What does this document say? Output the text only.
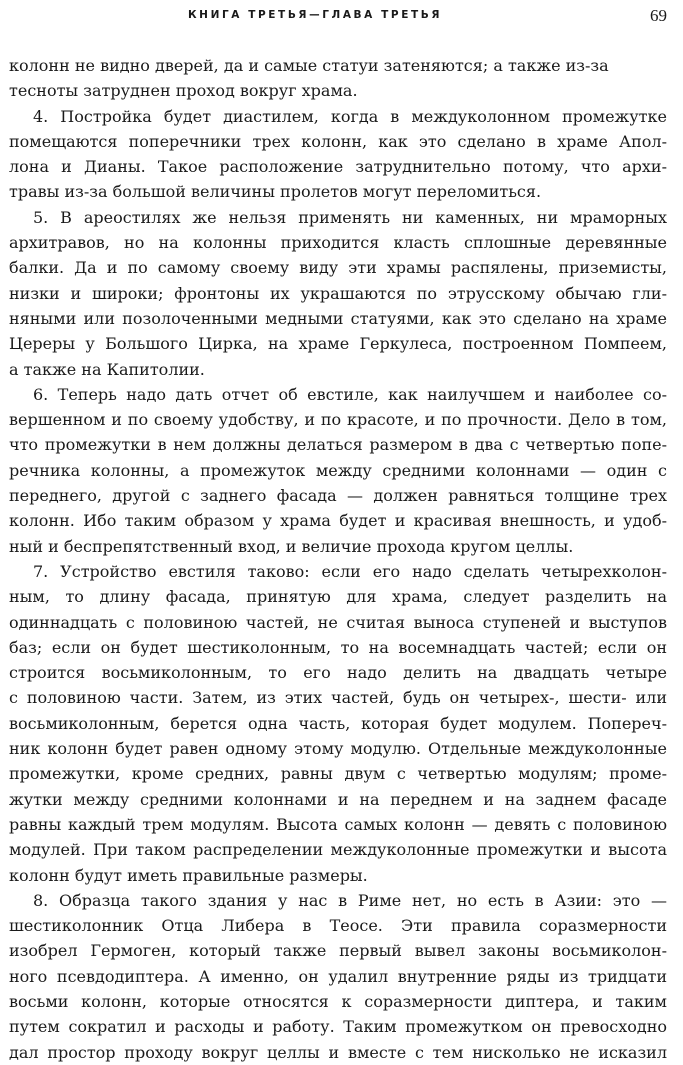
КНИГА ТРЕТЬЯ—ГЛАВА ТРЕТЬЯ	69
колонн не видно дверей, да и самые статуи затеняются; а также из-за
тесноты затруднен проход вокруг храма.
4. Постройка будет диастилем, когда в междуколонном промежутке
помещаются поперечники трех колонн, как это сделано в храме Апол-
лона и Дианы. Такое расположение затруднительно потому, что архи-
травы из-за большой величины пролетов могут переломиться.
5. В ареостилях же нельзя применять ни каменных, ни мраморных
архитравов, но на колонны приходится класть сплошные деревянные
балки. Да и по самому своему виду эти храмы распялены, приземисты,
низки и широки; фронтоны их украшаются по этрусскому обычаю гли-
няными или позолоченными медными статуями, как это сделано на храме
Цереры у Большого Цирка, на храме Геркулеса, построенном Помпеем,
а также на Капитолии.
6. Теперь надо дать отчет об евстиле, как наилучшем и наиболее со-
вершенном и по своему удобству, и по красоте, и по прочности. Дело в том,
что промежутки в нем должны делаться размером в два с четвертью попе-
речника колонны, а промежуток между средними колоннами — один с
переднего, другой с заднего фасада — должен равняться толщине трех
колонн. Ибо таким образом у храма будет и красивая внешность, и удоб-
ный и беспрепятственный вход, и величие прохода кругом целлы.
7. Устройство евстиля таково: если его надо сделать четырехколон-
ным, то длину фасада, принятую для храма, следует разделить на
одиннадцать с половиною частей, не считая выноса ступеней и выступов
баз; если он будет шестиколонным, то на восемнадцать частей; если он
строится восьмиколонным, то его надо делить на двадцать четыре
с половиною части. Затем, из этих частей, будь он четырех-, шести- или
восьмиколонным, берется одна часть, которая будет модулем. Попереч-
ник колонн будет равен одному этому модулю. Отдельные междуколонные
промежутки, кроме средних, равны двум с четвертью модулям; проме-
жутки между средними колоннами и на переднем и на заднем фасаде
равны каждый трем модулям. Высота самых колонн — девять с половиною
модулей. При таком распределении междуколонные промежутки и высота
колонн будут иметь правильные размеры.
8. Образца такого здания у нас в Риме нет, но есть в Азии: это —
шестиколонник Отца Либера в Теосе. Эти правила соразмерности
изобрел Гермоген, который также первый вывел законы восьмиколон-
ного псевдодиптера. А именно, он удалил внутренние ряды из тридцати
восьми колонн, которые относятся к соразмерности диптера, и таким
путем сократил и расходы и работу. Таким промежутком он превосходно
дал простор проходу вокруг целлы и вместе с тем нисколько не исказил
